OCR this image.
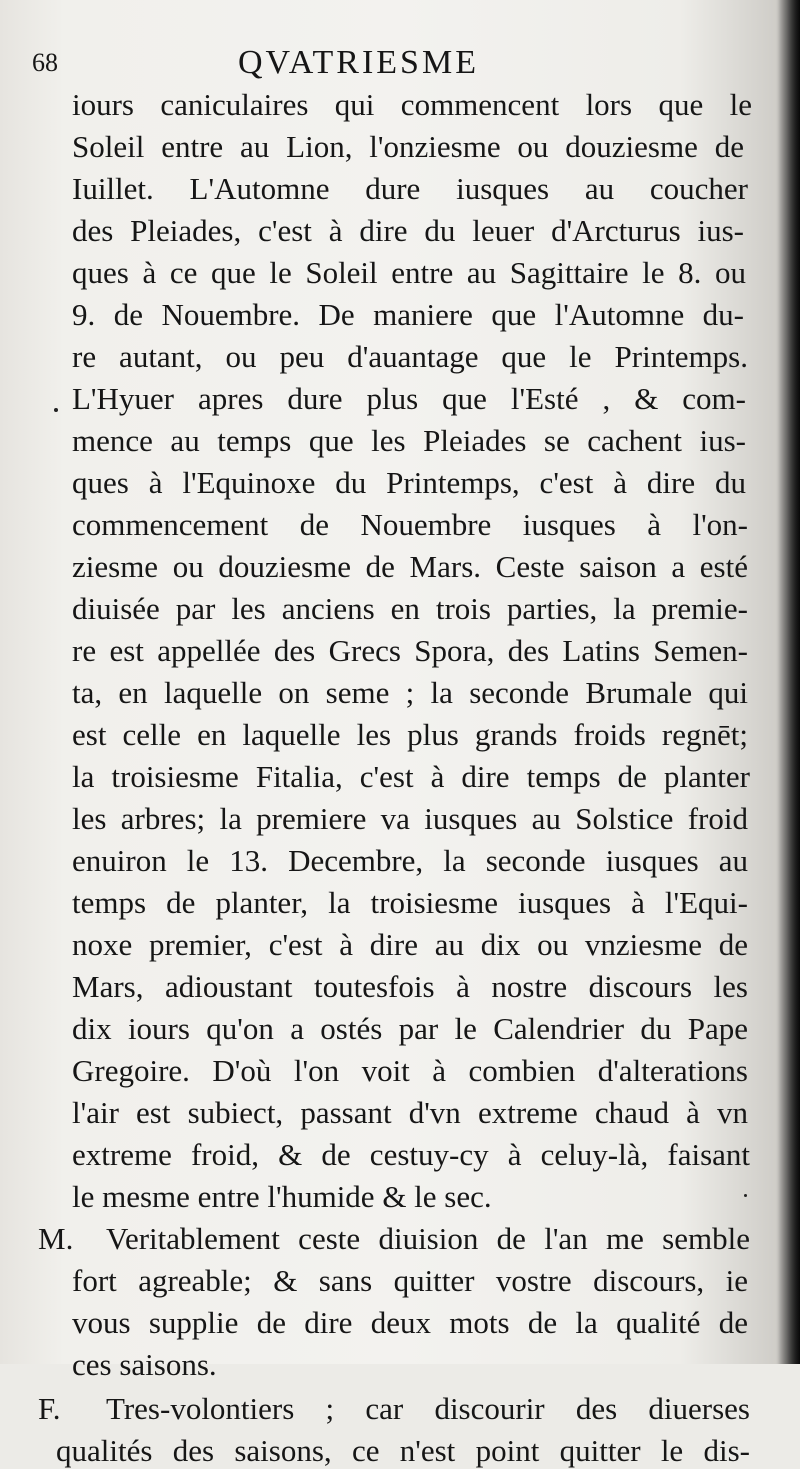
68	QVATRIESME
iours caniculaires qui commencent lors que le
Soleil entre au Lion, l'onziesme ou douziesme de
Iuillet. L'Automne dure iusques au coucher
des Pleiades, c'est à dire du leuer d'Arcturus ius-
ques à ce que le Soleil entre au Sagittaire le 8. ou
9. de Nouembre. De maniere que l'Automne du-
re autant, ou peu d'auantage que le Printemps.
L'Hyuer apres dure plus que l'Esté , & com-
mence au temps que les Pleiades se cachent ius-
ques à l'Equinoxe du Printemps, c'est à dire du
commencement de Nouembre iusques à l'on-
ziesme ou douziesme de Mars. Ceste saison a esté
diuisée par les anciens en trois parties, la premie-
re est appellée des Grecs Spora, des Latins Semen-
ta, en laquelle on seme ; la seconde Brumale qui
est celle en laquelle les plus grands froids regnēt;
la troisiesme Fitalia, c'est à dire temps de planter
les arbres; la premiere va iusques au Solstice froid
enuiron le 13. Decembre, la seconde iusques au
temps de planter, la troisiesme iusques à l'Equi-
noxe premier, c'est à dire au dix ou vnziesme de
Mars, adioustant toutesfois à nostre discours les
dix iours qu'on a ostés par le Calendrier du Pape
Gregoire. D'où l'on voit à combien d'alterations
l'air est subiect, passant d'vn extreme chaud à vn
extreme froid, & de cestuy-cy à celuy-là, faisant
le mesme entre l'humide & le sec.
M. Veritablement ceste diuision de l'an me semble
fort agreable; & sans quitter vostre discours, ie
vous supplie de dire deux mots de la qualité de
ces saisons.
F. Tres-volontiers ; car discourir des diuerses
qualités des saisons, ce n'est point quitter le dis-
